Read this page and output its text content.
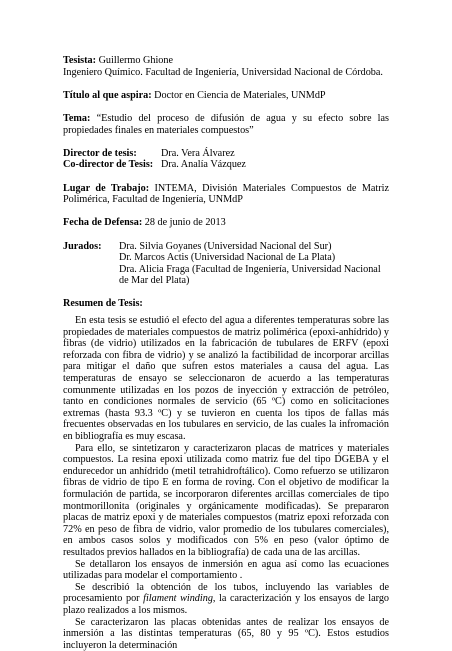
Tesista: Guillermo Ghione

Ingeniero Químico. Facultad de Ingeniería, Universidad Nacional de Córdoba.

Título al que aspira: Doctor en Ciencia de Materiales, UNMdP

Tema: “Estudio del proceso de difusión de agua y su efecto sobre las propiedades finales en materiales compuestos”

Director de tesis:	Dra. Vera Álvarez
Co-director de Tesis: Dra. Analía Vázquez

Lugar de Trabajo: INTEMA, División Materiales Compuestos de Matriz Polimérica, Facultad de Ingeniería, UNMdP

Fecha de Defensa: 28 de junio de 2013

Jurados:	Dra. Silvia Goyanes (Universidad Nacional del Sur)
Dr. Marcos Actis (Universidad Nacional de La Plata)
Dra. Alicia Fraga (Facultad de Ingeniería, Universidad Nacional de Mar del Plata)
Resumen de Tesis:

En esta tesis se estudió el efecto del agua a diferentes temperaturas sobre las propiedades de materiales compuestos de matriz polimérica (epoxi-anhídrido) y fibras (de vidrio) utilizados en la fabricación de tubulares de ERFV (epoxi reforzada con fibra de vidrio) y se analizó la factibilidad de incorporar arcillas para mitigar el daño que sufren estos materiales a causa del agua. Las temperaturas de ensayo se seleccionaron de acuerdo a las temperaturas comunmente utilizadas en los pozos de inyección y extracción de petróleo, tanto en condiciones normales de servicio (65 ºC) como en solicitaciones extremas (hasta 93.3 ºC) y se tuvieron en cuenta los tipos de fallas más frecuentes observadas en los tubulares en servicio, de las cuales la infromación en bibliografía es muy escasa.

Para ello, se sintetizaron y caracterizaron placas de matrices y materiales compuestos. La resina epoxi utilizada como matriz fue del tipo DGEBA y el endurecedor un anhídrido (metil tetrahidroftálico). Como refuerzo se utilizaron fibras de vidrio de tipo E en forma de roving. Con el objetivo de modificar la formulación de partida, se incorporaron diferentes arcillas comerciales de tipo montmorillonita (originales y orgánicamente modificadas). Se prepararon placas de matriz epoxi y de materiales compuestos (matriz epoxi reforzada con 72% en peso de fibra de vidrio, valor promedio de los tubulares comerciales), en ambos casos solos y modificados con 5% en peso (valor óptimo de resultados previos hallados en la bibliografía) de cada una de las arcillas.

Se detallaron los ensayos de inmersión en agua así como las ecuaciones utilizadas para modelar el comportamiento .

Se describió la obtención de los tubos, incluyendo las variables de procesamiento por filament winding, la caracterización y los ensayos de largo plazo realizados a los mismos.

Se caracterizaron las placas obtenidas antes de realizar los ensayos de inmersión a las distintas temperaturas (65, 80 y 95 ºC). Estos estudios incluyeron la determinación
